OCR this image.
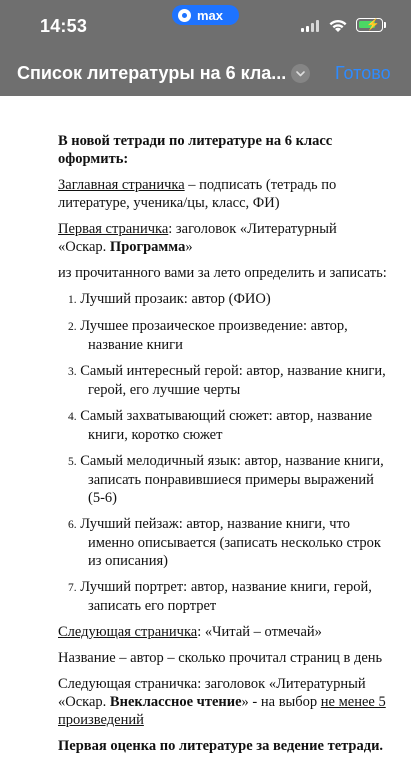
14:53
max
⚡
Список литературы на 6 кла...	Готово

В новой тетради по литературе на 6 класс оформить:

Заглавная страничка – подписать (тетрадь по литературе, ученика/цы, класс, ФИ)

Первая страничка: заголовок «Литературный «Оскар. Программа»

из прочитанного вами за лето определить и записать:

1. Лучший прозаик: автор (ФИО)
2. Лучшее прозаическое произведение: автор,
название книги
3. Самый интересный герой: автор, название книги,
герой, его лучшие черты
4. Самый захватывающий сюжет: автор, название
книги, коротко сюжет
5. Самый мелодичный язык: автор, название книги,
записать понравившиеся примеры выражений (5-6)
6. Лучший пейзаж: автор, название книги, что
именно описывается (записать несколько строк из описания)
7. Лучший портрет: автор, название книги, герой,
записать его портрет

Следующая страничка: «Читай – отмечай»

Название – автор – сколько прочитал страниц в день

Следующая страничка: заголовок «Литературный «Оскар. Внеклассное чтение» - на выбор не менее 5 произведений

Первая оценка по литературе за ведение тетради.
